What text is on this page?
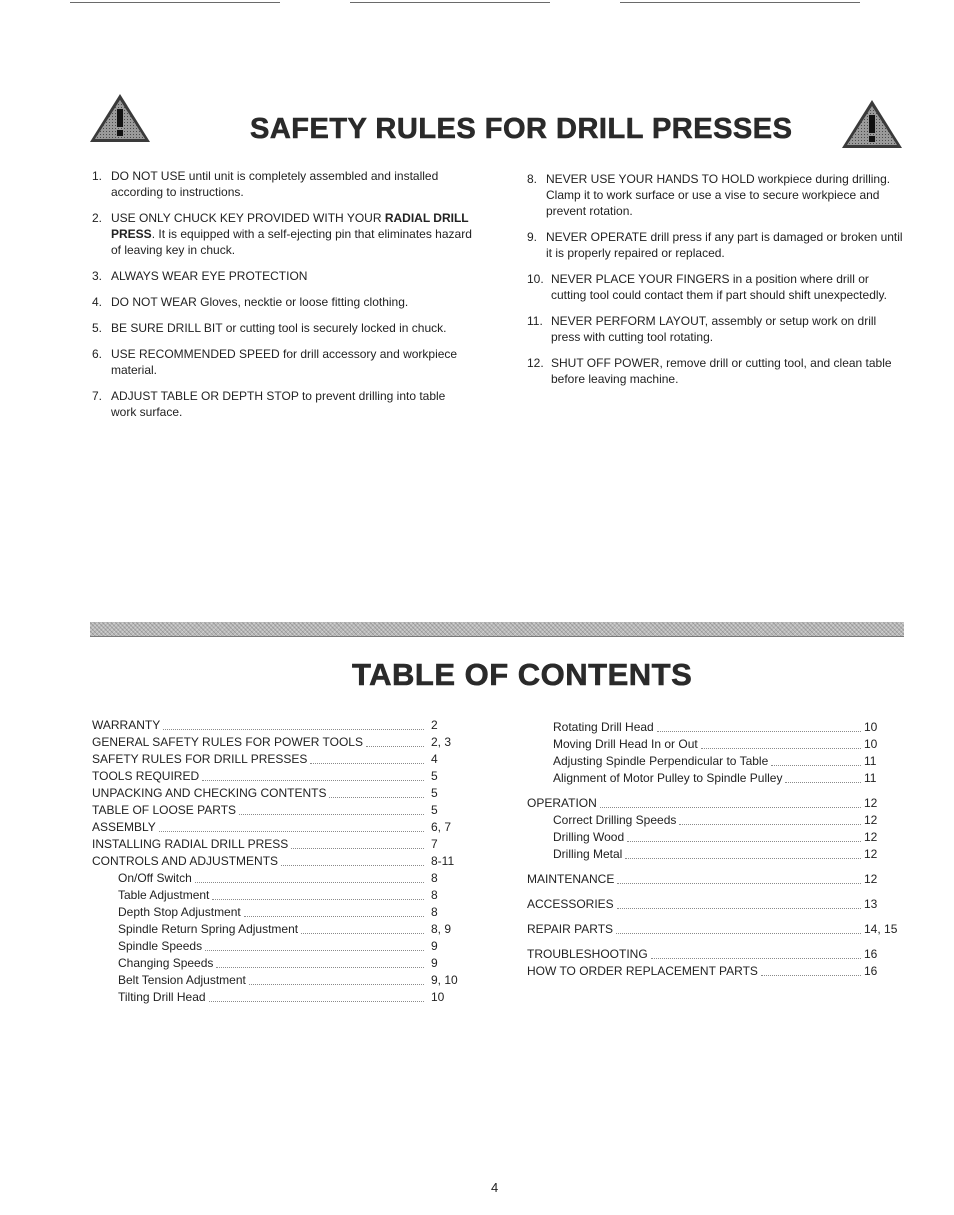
SAFETY RULES FOR DRILL PRESSES
1. DO NOT USE until unit is completely assembled and installed according to instructions.
2. USE ONLY CHUCK KEY PROVIDED WITH YOUR RADIAL DRILL PRESS. It is equipped with a self-ejecting pin that eliminates hazard of leaving key in chuck.
3. ALWAYS WEAR EYE PROTECTION
4. DO NOT WEAR Gloves, necktie or loose fitting clothing.
5. BE SURE DRILL BIT or cutting tool is securely locked in chuck.
6. USE RECOMMENDED SPEED for drill accessory and workpiece material.
7. ADJUST TABLE OR DEPTH STOP to prevent drilling into table work surface.
8. NEVER USE YOUR HANDS TO HOLD workpiece during drilling. Clamp it to work surface or use a vise to secure workpiece and prevent rotation.
9. NEVER OPERATE drill press if any part is damaged or broken until it is properly repaired or replaced.
10. NEVER PLACE YOUR FINGERS in a position where drill or cutting tool could contact them if part should shift unexpectedly.
11. NEVER PERFORM LAYOUT, assembly or setup work on drill press with cutting tool rotating.
12. SHUT OFF POWER, remove drill or cutting tool, and clean table before leaving machine.
TABLE OF CONTENTS
WARRANTY	2
GENERAL SAFETY RULES FOR POWER TOOLS	2, 3
SAFETY RULES FOR DRILL PRESSES	4
TOOLS REQUIRED	5
UNPACKING AND CHECKING CONTENTS	5
TABLE OF LOOSE PARTS	5
ASSEMBLY	6, 7
INSTALLING RADIAL DRILL PRESS	7
CONTROLS AND ADJUSTMENTS	8-11
On/Off Switch	8
Table Adjustment	8
Depth Stop Adjustment	8
Spindle Return Spring Adjustment	8, 9
Spindle Speeds	9
Changing Speeds	9
Belt Tension Adjustment	9, 10
Tilting Drill Head	10
Rotating Drill Head	10
Moving Drill Head In or Out	10
Adjusting Spindle Perpendicular to Table	11
Alignment of Motor Pulley to Spindle Pulley	11
OPERATION	12
Correct Drilling Speeds	12
Drilling Wood	12
Drilling Metal	12
MAINTENANCE	12
ACCESSORIES	13
REPAIR PARTS	14, 15
TROUBLESHOOTING	16
HOW TO ORDER REPLACEMENT PARTS	16
4
